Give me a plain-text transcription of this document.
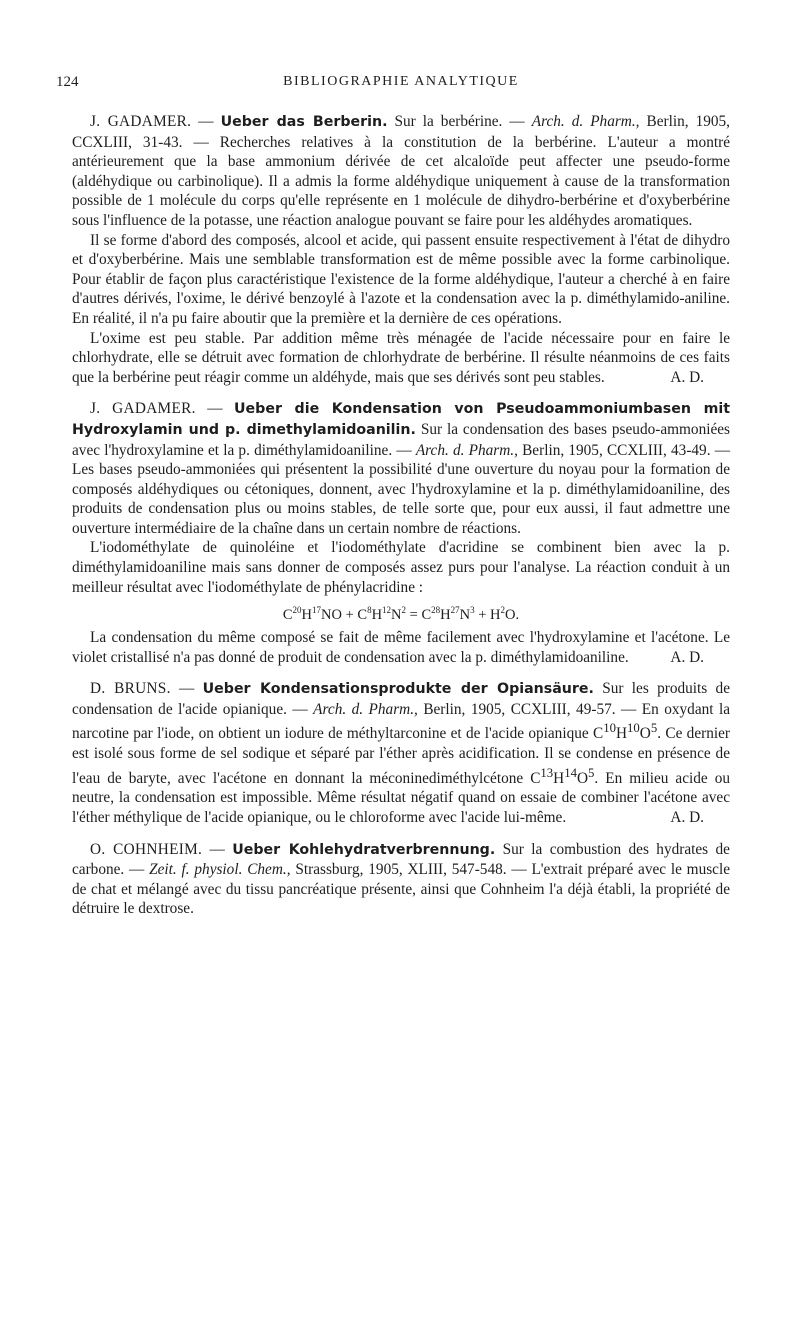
124	BIBLIOGRAPHIE ANALYTIQUE

J. GADAMER. — Ueber das Berberin. Sur la berbérine. — Arch. d. Pharm., Berlin, 1905, CCXLIII, 31-43. — Recherches relatives à la constitution de la berbérine. L'auteur a montré antérieurement que la base ammonium dérivée de cet alcaloïde peut affecter une pseudo-forme (aldéhydique ou carbinolique). Il a admis la forme aldéhydique uniquement à cause de la transformation possible de 1 molécule du corps qu'elle représente en 1 molécule de dihydro-berbérine et d'oxyberbérine sous l'influence de la potasse, une réaction analogue pouvant se faire pour les aldéhydes aromatiques.

Il se forme d'abord des composés, alcool et acide, qui passent ensuite respectivement à l'état de dihydro et d'oxyberbérine. Mais une semblable transformation est de même possible avec la forme carbinolique. Pour établir de façon plus caractéristique l'existence de la forme aldéhydique, l'auteur a cherché à en faire d'autres dérivés, l'oxime, le dérivé benzoylé à l'azote et la condensation avec la p. diméthylamido-aniline. En réalité, il n'a pu faire aboutir que la première et la dernière de ces opérations.

L'oxime est peu stable. Par addition même très ménagée de l'acide nécessaire pour en faire le chlorhydrate, elle se détruit avec formation de chlorhydrate de berbérine. Il résulte néanmoins de ces faits que la berbérine peut réagir comme un aldéhyde, mais que ses dérivés sont peu stables.	A. D.

J. GADAMER. — Ueber die Kondensation von Pseudoammoniumbasen mit Hydroxylamin und p. dimethylamidoanilin. Sur la condensation des bases pseudo-ammoniées avec l'hydroxylamine et la p. diméthylamidoaniline. — Arch. d. Pharm., Berlin, 1905, CCXLIII, 43-49. — Les bases pseudo-ammoniées qui présentent la possibilité d'une ouverture du noyau pour la formation de composés aldéhydiques ou cétoniques, donnent, avec l'hydroxylamine et la p. diméthylamidoaniline, des produits de condensation plus ou moins stables, de telle sorte que, pour eux aussi, il faut admettre une ouverture intermédiaire de la chaîne dans un certain nombre de réactions.

L'iodométhylate de quinoléine et l'iodométhylate d'acridine se combinent bien avec la p. diméthylamidoaniline mais sans donner de composés assez purs pour l'analyse. La réaction conduit à un meilleur résultat avec l'iodométhylate de phénylacridine :

$C^{20}H^{17}NO + C^8H^{12}N^2 = C^{28}H^{27}N^3 + H^2O$.

La condensation du même composé se fait de même facilement avec l'hydroxylamine et l'acétone. Le violet cristallisé n'a pas donné de produit de condensation avec la p. diméthylamidoaniline.	A. D.

D. BRUNS. — Ueber Kondensationsprodukte der Opiansäure. Sur les produits de condensation de l'acide opianique. — Arch. d. Pharm., Berlin, 1905, CCXLIII, 49-57. — En oxydant la narcotine par l'iode, on obtient un iodure de méthyltarconine et de l'acide opianique $C^{10}H^{10}O^5$. Ce dernier est isolé sous forme de sel sodique et séparé par l'éther après acidification. Il se condense en présence de l'eau de baryte, avec l'acétone en donnant la méconinediméthylcétone $C^{13}H^{14}O^5$. En milieu acide ou neutre, la condensation est impossible. Même résultat négatif quand on essaie de combiner l'acétone avec l'éther méthylique de l'acide opianique, ou le chloroforme avec l'acide lui-même.	A. D.

O. COHNHEIM. — Ueber Kohlehydratverbrennung. Sur la combustion des hydrates de carbone. — Zeit. f. physiol. Chem., Strassburg, 1905, XLIII, 547-548. — L'extrait préparé avec le muscle de chat et mélangé avec du tissu pancréatique présente, ainsi que Cohnheim l'a déjà établi, la propriété de détruire le dextrose.
